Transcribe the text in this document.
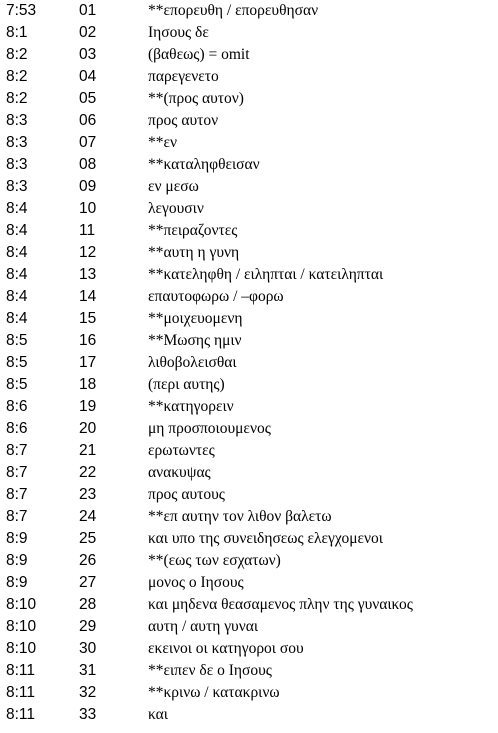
7:53	01	**επορευθη / επορευθησαν
8:1	02	Ιησους δε
8:2	03	(βαθεως) = omit
8:2	04	παρεγενετο
8:2	05	**(προς αυτον)
8:3	06	προς αυτον
8:3	07	**εν
8:3	08	**καταληφθεισαν
8:3	09	εν μεσω
8:4	10	λεγουσιν
8:4	11	**πειραζοντες
8:4	12	**αυτη η γυνη
8:4	13	**κατεληφθη / ειληπται / κατειληπται
8:4	14	επαυτοφωρω / –φορω
8:4	15	**μοιχευομενη
8:5	16	**Μωσης ημιν
8:5	17	λιθοβολεισθαι
8:5	18	(περι αυτης)
8:6	19	**κατηγορειν
8:6	20	μη προσποιουμενος
8:7	21	ερωτωντες
8:7	22	ανακυψας
8:7	23	προς αυτους
8:7	24	**επ αυτην τον λιθον βαλετω
8:9	25	και υπο της συνειδησεως ελεγχομενοι
8:9	26	**(εως των εσχατων)
8:9	27	μονος ο Ιησους
8:10	28	και μηδενα θεασαμενος πλην της γυναικος
8:10	29	αυτη / αυτη γυναι
8:10	30	εκεινοι οι κατηγοροι σου
8:11	31	**ειπεν δε ο Ιησους
8:11	32	**κρινω / κατακρινω
8:11	33	και
